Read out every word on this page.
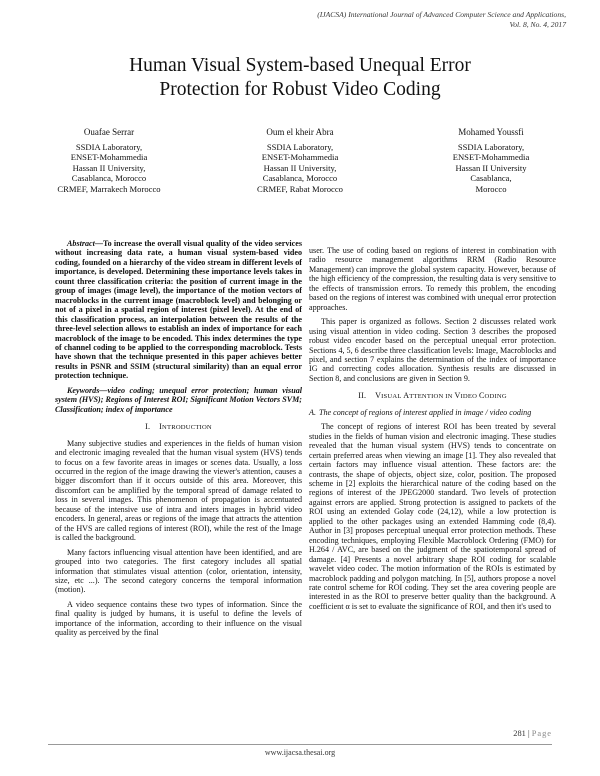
(IJACSA) International Journal of Advanced Computer Science and Applications,
Vol. 8, No. 4, 2017
Human Visual System-based Unequal Error
Protection for Robust Video Coding
Ouafae Serrar
SSDIA Laboratory,
ENSET-Mohammedia
Hassan II University,
Casablanca, Morocco
CRMEF, Marrakech Morocco
Oum el kheir Abra
SSDIA Laboratory,
ENSET-Mohammedia
Hassan II University,
Casablanca, Morocco
CRMEF, Rabat Morocco
Mohamed Youssfi
SSDIA Laboratory,
ENSET-Mohammedia
Hassan II University
Casablanca,
Morocco

Abstract—To increase the overall visual quality of the video services without increasing data rate, a human visual system-based video coding, founded on a hierarchy of the video stream in different levels of importance, is developed. Determining these importance levels takes in count three classification criteria: the position of current image in the group of images (image level), the importance of the motion vectors of macroblocks in the current image (macroblock level) and belonging or not of a pixel in a spatial region of interest (pixel level). At the end of this classification process, an interpolation between the results of the three-level selection allows to establish an index of importance for each macroblock of the image to be encoded. This index determines the type of channel coding to be applied to the corresponding macroblock. Tests have shown that the technique presented in this paper achieves better results in PSNR and SSIM (structural similarity) than an equal error protection technique.

Keywords—video coding; unequal error protection; human visual system (HVS); Regions of Interest ROI; Significant Motion Vectors SVM; Classification; index of importance

I. INTRODUCTION

Many subjective studies and experiences in the fields of human vision and electronic imaging revealed that the human visual system (HVS) tends to focus on a few favorite areas in images or scenes data. Usually, a loss occurred in the region of the image drawing the viewer's attention, causes a bigger discomfort than if it occurs outside of this area. Moreover, this discomfort can be amplified by the temporal spread of damage related to loss in several images. This phenomenon of propagation is accentuated because of the intensive use of intra and inters images in hybrid video encoders. In general, areas or regions of the image that attracts the attention of the HVS are called regions of interest (ROI), while the rest of the Image is called the background.

Many factors influencing visual attention have been identified, and are grouped into two categories. The first category includes all spatial information that stimulates visual attention (color, orientation, intensity, size, etc ...). The second category concerns the temporal information (motion).

A video sequence contains these two types of information. Since the final quality is judged by humans, it is useful to define the levels of importance of the information, according to their influence on the visual quality as perceived by the final

user. The use of coding based on regions of interest in combination with radio resource management algorithms RRM (Radio Resource Management) can improve the global system capacity. However, because of the high efficiency of the compression, the resulting data is very sensitive to the effects of transmission errors. To remedy this problem, the encoding based on the regions of interest was combined with unequal error protection approaches.

This paper is organized as follows. Section 2 discusses related work using visual attention in video coding. Section 3 describes the proposed robust video encoder based on the perceptual unequal error protection. Sections 4, 5, 6 describe three classification levels: Image, Macroblocks and pixel, and section 7 explains the determination of the index of importance IG and correcting codes allocation. Synthesis results are discussed in Section 8, and conclusions are given in Section 9.

II. VISUAL ATTENTION IN VIDEO CODING
A. The concept of regions of interest applied in image / video coding

The concept of regions of interest ROI has been treated by several studies in the fields of human vision and electronic imaging. These studies revealed that the human visual system (HVS) tends to concentrate on certain preferred areas when viewing an image [1]. They also revealed that certain factors may influence visual attention. These factors are: the contrasts, the shape of objects, object size, color, position. The proposed scheme in [2] exploits the hierarchical nature of the coding based on the regions of interest of the JPEG2000 standard. Two levels of protection against errors are applied. Strong protection is assigned to packets of the ROI using an extended Golay code (24,12), while a low protection is applied to the other packages using an extended Hamming code (8,4). Author in [3] proposes perceptual unequal error protection methods. These encoding techniques, employing Flexible Macroblock Ordering (FMO) for H.264 / AVC, are based on the judgment of the spatiotemporal spread of damage. [4] Presents a novel arbitrary shape ROI coding for scalable wavelet video codec. The motion information of the ROIs is estimated by macroblock padding and polygon matching. In [5], authors propose a novel rate control scheme for ROI coding. They set the area covering people are interested in as the ROI to preserve better quality than the background. A coefficient α is set to evaluate the significance of ROI, and then it's used to

281 | Page
www.ijacsa.thesai.org
